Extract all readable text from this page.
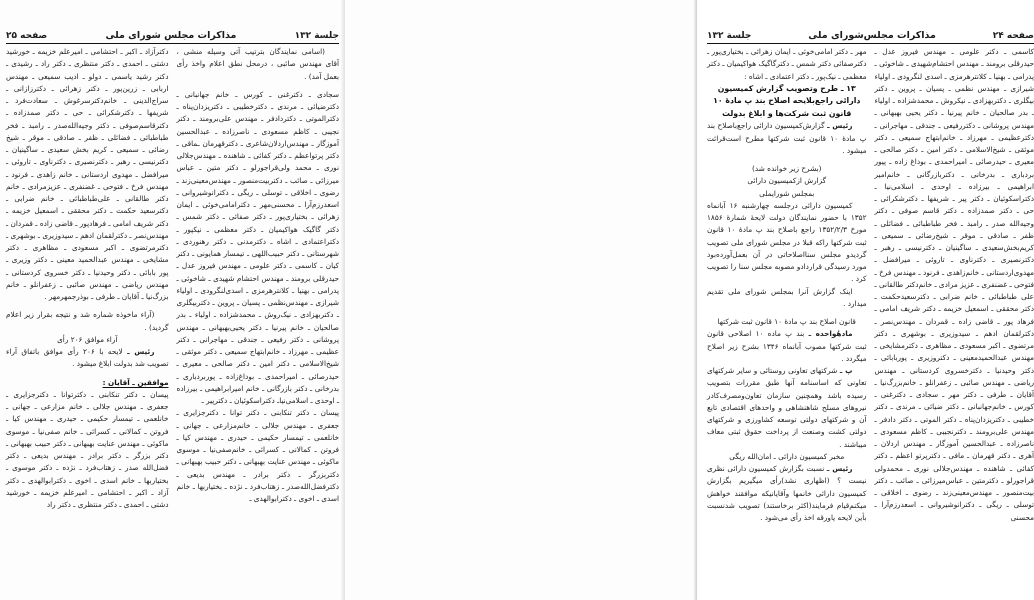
جلسة ۱۳۲
مذاکرات مجلس شورای ملی
صفحه ۲۵

(اسامی نمایندگان بترتیب آتی وسیله منشی ، آقای مهندس صائبی ، درمحل نطق اعلام واخذ رأی بعمل آمد) .

سجادی ـ دکترغنی ـ کورس ـ خانم جهانبانی ـ دکترضیائی ـ مرندی ـ دکترخطیبی ـ دکتریزدان‌پناه ـ دکترالموتی ـ دکتردادفر ـ مهندس علی‌برومند ـ دکتر نجیبی ـ کاظم مسعودی ـ ناصرزاده ـ عبدالحسین آموزگار ـ مهندس‌اردلان‌شاعری ـ دکترقهرمان ـماقی ـ دکتر پرتواعظم ـ دکتر کفائی ـ شاهنده ـ مهندس‌جلالی نوری ـ محمد ولی‌قراجورلو ـ دکتر متین ـ عباس میرزائی ـ صائب ـ دکتربیت‌منصور ـ مهندس‌معینی‌زند ـ رضوی ـ اخلاقی ـ توسلی ـ ریگی ـ دکترانوشیروانی ـ اسعدرزم‌آرا ـ محسنی‌مهر ـ دکترامامی‌خوئی ـ ایمان زهرائی ـ بختیاری‌پور ـ دکتر صفائی ـ دکتر شمس ـ دکتر گاگیک هواکیمیان ـ دکتر معظمی ـ نیکپور ـ دکتراعتمادی ـ اشاه ـ دکترمدنی ـ دکتر رهنوردی ـ شهرستانی ـ دکتر حبیب‌اللهی ـ تیمسار همایونی ـ دکتر کیان ـ کاسمی ـ دکتر علومی ـ مهندس فیروز عدل ـ حیدرقلی برومند ـ مهندس احتشام شهیدی ـ شاخوئی ـ پدرامی ـ بهنیا ـ کلانترهرمزی ـ اسدی‌لنگرودی ـ اولیاء شیرازی ـ مهندس‌نظمی ـ پسیان ـ پروین ـ دکتربیگلری ـ دکتربهزادی ـ نیک‌روش ـ محمدشزاده ـ اولیاء ـ بدر صالحیان ـ خانم پیرنیا ـ دکتر یحیی‌بهبهانی ـ مهندس پروشانی ـ دکتر رفیعی ـ جندقی ـ مهاجرانی ـ دکتر عظیمی ـ مهرزاد ـ خانم‌ابتهاج سمیعی ـ دکتر موثقی ـ شیخ‌الاسلامی ـ دکتر امین ـ دکتر صالحی ـ معیری ـ حیدرصائی ـ امیراحمدی ـ بوداغ‌زاده ـ پوربردباری ـ بدرخانی ـ دکتر بازرگانی ـ خانم امیرابراهیمی ـ بیرزاده ـ اوحدی ـ اسلامی‌نیاـ دکتراسکوئیان ـ دکترپیر ـ

پیسان ـ دکتر تنکابنی ـ دکتر توانا ـ دکترجزایری ـ جعفری ـ مهندس جلالی ـ خانم‌مزارعی ـ جهانی ـ خانلعمی ـ تیمسار حکیمی ـ حیدری ـ مهندس کیا ـ فروتن ـ کمالانی ـ کسرائی ـ خانم‌صفی‌نیا ـ موسوی ماکوئی ـ مهندس عنایت بهبهانی ـ دکتر حبیب بهبهانی ـ دکتربزرگر ـ دکتر برادر ـ مهندس بدیعی ـ دکترفضل‌الله‌صدر ـ زهتاب‌فرد ـ نژده ـ بختیاربها ـ خانم اسدی ـ اخوی ـ دکترابوالهدی ـ

دکترآزاد ـ اکبر ـ احتشامی ـ امیرعلم خزیمه ـ خورشید دشتی ـ احمدی ـ دکتر منتظری ـ دکتر راد ـ رشیدی ـ دکتر رشید یاسمی ـ دولو ـ ادیب سمیعی ـ مهندس اربابی ـ زرین‌پور ـ دکتر زهرائی ـ دکترزازانی ـ سراج‌الدینی ـ خانم‌دکترسرغوش ـ سعادت‌فرد ـ شریفها ـ دکترشکرائی ـ حی ـ دکتر صمدزاده ـ دکترقاسم‌صوفی ـ دکتر وجیه‌الله‌صدر ـ رامبد ـ فخر طباطبائی ـ فضائلی ـ ظفر ـ صادقی ـ موقر ـ شیخ رضائی ـ سمیعی ـ کریم بخش سعیدی ـ ساگینیان ـ دکترنیسی ـ رهبر ـ دکترنصیری ـ دکترناوی ـ تاروئی ـ میرافضل ـ مهدوی اردستانی ـ خانم زاهدی ـ فرنود ـ مهندس فرخ ـ فتوحی ـ غضنفری ـ عزیزمرادی ـ خانم دکتر طالقانی ـ علی‌طباطبائی ـ خانم ضرابی ـ دکترسعید حکمت ـ دکتر محققی ـ اسمعیل خزیمه ـ دکتر شریف امامی ـ فرهادپور ـ قاضی زاده ـ قمردان ـ مهندس‌نصر ـ دکترلقمان ادهم ـ سیدوزیری ـ بوشهری ـ دکترمرتضوی ـ اکبر مسعودی ـ مظاهری ـ دکتر مشایخی ـ مهندس عبدالحمید معینی ـ دکتر وزیری ـ پور بابائی ـ دکتر وحیدنیا ـ دکتر خسروی کردستانی ـ مهندس ریاضی ـ مهندس صائبی ـ زعفرانلو ـ خانم بزرگ‌نیا ـ آقایان ـ طرفی ـ بوذرجمهرمهر .

(آراء ماخوذه شماره شد و نتیجه بقرار زیر اعلام گردید) .

آراء موافق ۲۰۶ رأی

رئیس ـ لایحه با ۲۰۶ رأی موافق باتفاق آراء تصویب شد بدولت ابلاغ میشود .

موافقین ـ آقایان :

پیسان ـ دکتر تنکابنی ـ دکترتوانا ـ دکترجزایری ـ جعفری ـ مهندس جلالی ـ خانم مزارعی ـ جهانی ـ خانلعمی ـ تیمسار حکیمی ـ حیدری ـ مهندس کیا ـ فروتن ـ کمالانی ـ کسرائی ـ خانم صفی‌نیا ـ موسوی ماکوئی ـ مهندس عنایت بهبهانی ـ دکتر حبیب بهبهانی ـ دکتر بزرگر ـ دکتر برادر ـ مهندس بدیعی ـ دکتر فضل‌الله صدر ـ زهتاب‌فرد ـ نژده ـ دکتر موسوی ـ بختیاربها ـ خانم اسدی ـ اخوی ـ دکترابوالهدی ـ دکتر آزاد ـ اکبر ـ احتشامی ـ امیرعلم خزیمه ـ خورشید دشتی ـ احمدی ـ دکتر منتظری ـ دکتر راد

صفحه ۲۴
مذاکرات مجلس‌شورای ملی
جلسة ۱۳۲

کاسمی ـ دکتر علومی ـ مهندس فیروز عدل ـ حیدرقلی برومند ـ مهندس احتشام‌شهیدی ـ شاخوئی ـ پدرامی ـ بهنیا ـ کلانترهرمزی ـ اسدی لنگرودی ـ اولیاء شیرازی ـ مهندس نظمی ـ پسیان ـ پروین ـ دکتر بیگلری ـ دکتربهزادی ـ نیکروش ـ محمدشزاده ـ اولیاء ـ بدر صالحیان ـ خانم پیرنیا ـ دکتر یحیی بهبهانی ـ مهندس پروشانی ـ دکتررفیعی ـ جندقی ـ مهاجرانی ـ دکترعظیمی ـ مهرزاد ـ خانم‌ابتهاج سمیعی ـ دکتر موثقی ـ شیخ‌الاسلامی ـ دکتر امین ـ دکتر صالحی ـ معیری ـ حیدرصائی ـ امیراحمدی ـ بوداغ زاده ـ پیور بردباری ـ بدرخانی ـ دکتربازرگانی ـ خانم‌امیر ابراهیمی ـ بیرزاده ـ اوحدی ـ اسلامی‌نیا ـ دکتراسکوئیان ـ دکتر پیر ـ شریفها ـ دکترشکرائی ـ حی ـ دکتر صمدزاده ـ دکتر قاسم صوفی ـ دکتر وجیه‌الله صدر ـ رامبد ـ فخر طباطبائی ـ فضائلی ـ ظفر ـ صادقی ـ موقر ـ شیخ‌رضائی ـ سمیعی ـ کریم‌بخش‌سعیدی ـ ساگینیان ـ دکترنیسی ـ رهبر ـ دکترنصیری ـ دکترناوی ـ تاروئی ـ میرافضل ـ مهدوی‌اردستانی ـ خانم‌زاهدی ـ فرنود ـ مهندس فرخ ـ فتوحی ـ غضنفری ـ عزیز مرادی ـ خانم‌دکتر طالقانی ـ علی طباطبائی ـ خانم ضرابی ـ دکترسعیدحکمت ـ دکتر محققی ـ اسمعیل خزیمه ـ دکتر شریف امامی ـ فرهاد پور ـ قاضی زاده ـ قمردان ـ مهندس‌نصر ـ دکترلقمان ادهم ـ سیدوزیری ـ بوشهری ـ دکتر مرتضوی ـ اکبر مسعودی ـ مظاهری ـ دکترمشایخی ـ مهندس عبدالحمیدمعینی ـ دکتروزیری ـ پوربابائی ـ دکتر وحیدنیا ـ دکترخسروی کردستانی ـ مهندس ریاضی ـ مهندس صائبی ـ زعفرانلو ـ خانم‌بزرگ‌نیا ـ آقایان ـ طرفی ـ دکتر مهر ـ سجادی ـ دکترغنی ـ کورس ـ خانم‌جهانبانی ـ دکتر ضیائی ـ مرندی ـ دکتر خطیبی ـ دکتریزدان‌پناه ـ دکتر الموتی ـ دکتر دادفر ـ مهندس علی‌برومند ـ دکترنجیبی ـ کاظم مسعودی ـ ناصرزاده ـ عبدالحسین آموزگار ـ مهندس اردلان ـ آهری ـ دکتر قهرمان ـ مافی ـ دکترپرتو اعظم ـ دکتر کفائی ـ شاهنده ـ مهندس‌جلالی نوری ـ محمدولی قراجورلو ـ دکترمتین ـ عباس‌میرزائی ـ صائب ـ دکتر بیت‌منصور ـ مهندس‌معینی‌زند ـ رضوی ـ اخلاقی ـ توسلی ـ ریگی ـ دکترانوشیروانی ـ اسعدرزم‌آرا ـ محسنی

مهر ـ دکتر امامی‌خوئی ـ ایمان زهرائی ـ بختیاری‌پور ـ دکترصفائی دکتر شمس ـ دکترگاگیک هواکیمیان ـ دکتر معظمی ـ نیک‌پور ـ دکتر اعتمادی ـ اشاه :

۱۳ ـ طرح وتصویب گزارش کمیسیون دارائی راجع‌بلایحه اصلاح بند پ مادهٔ ۱۰ قانون ثبت شرکت‌ها و ابلاغ بدولت

رئیس ـ گزارش‌کمیسیون دارائی راجع‌باصلاح بند پ مادهٔ ۱۰ قانون ثبت شرکتها مطرح است‌قرائت میشود .

(بشرح زیر خوانده شد)

گزارش ازکمیسیون دارائی

بمجلس شورایملی

کمیسیون دارائی درجلسه چهارشنبه ۱۶ آبانماه ۱۳۵۲ با حضور نمایندگان دولت لایحهٔ شمارهٔ ۱۸۵۶ مورخ ۱۳۵۲/۲/۳ راجع باصلاح بند پ مادهٔ ۱۰ قانون ثبت شرکتها راکه قبلا در مجلس شورای ملی تصویب گردیدو مجلس سنااصلاحاتی در آن بعمل‌آورده‌بود مورد رسیدگی قرارداد‌و مصوبه مجلس سنا را تصویب کرد .

اینک گزارش آنرا بمجلس شورای ملی تقدیم میدارد .

قانون اصلاح بند پ مادهٔ ۱۰ قانون ثبت شرکتها

مادهٔواحده ـ بند پ ماده ۱۰ اصلاحی قانون ثبت شرکتها مصوب آبانماه ۱۳۴۶ بشرح زیر اصلاح میگردد .

پ ـ شرکتهای تعاونی روستائی و سایر شرکتهای تعاونی که اساسنامه آنها طبق مقررات بتصویب رسیده باشد وهمچنین سازمان تعاون‌ومصرف‌کادر نیروهای مسلح شاهنشاهی و واحدهای اقتصادی تابع آن و شرکتهای دولتی توسعه کشاورزی و شرکتهای دولتی کشت وصنعت از پرداخت حقوق ثبتی معاف میباشند .

مخبر کمیسیون دارائی ـ امان‌الله ریگی

رئیس ـ نسبت بگزارش کمیسیون دارائی نظری نیست ؟ (اظهاری نشد)رأی میگیریم بگزارش کمیسیون دارائی خانمها وآقایانیکه موافقند خواهش میکنم‌قیام فرمایند(اکثر برخاستند) تصویب شد‌نسبت بأین لایحه یاورقه اخذ رأی می‌شود .
